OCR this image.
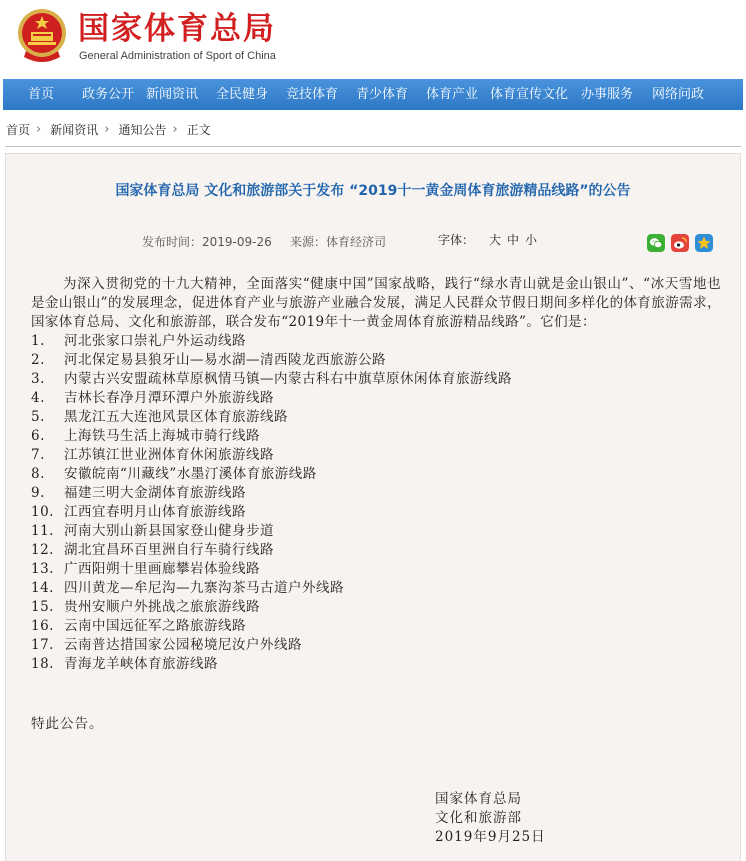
国家体育总局
General Administration of Sport of China
首页	政务公开 新闻资讯	全民健身	竞技体育	青少体育	体育产业 体育宣传文化 办事服务	网络问政
首页 › 新闻资讯 › 通知公告 › 正文
国家体育总局 文化和旅游部关于发布 “2019十一黄金周体育旅游精品线路”的公告
发布时间：2019-09-26 来源：体育经济司	字体： 大 中 小

为深入贯彻党的十九大精神，全面落实“健康中国”国家战略，践行“绿水青山就是金山银山”、“冰天雪地也是金山银山”的发展理念，促进体育产业与旅游产业融合发展，满足人民群众节假日期间多样化的体育旅游需求，国家体育总局、文化和旅游部，联合发布“2019年十一黄金周体育旅游精品线路”。它们是：

1. 河北张家口崇礼户外运动线路
2. 河北保定易县狼牙山—易水湖—清西陵龙西旅游公路
3. 内蒙古兴安盟疏林草原枫情马镇—内蒙古科右中旗草原休闲体育旅游线路
4. 吉林长春净月潭环潭户外旅游线路
5. 黑龙江五大连池风景区体育旅游线路
6. 上海铁马生活上海城市骑行线路
7. 江苏镇江世业洲体育休闲旅游线路
8. 安徽皖南“川藏线”水墨汀溪体育旅游线路
9. 福建三明大金湖体育旅游线路
10. 江西宜春明月山体育旅游线路
11. 河南大别山新县国家登山健身步道
12. 湖北宜昌环百里洲自行车骑行线路
13. 广西阳朔十里画廊攀岩体验线路
14. 四川黄龙—牟尼沟—九寨沟茶马古道户外线路
15. 贵州安顺户外挑战之旅旅游线路
16. 云南中国远征军之路旅游线路
17. 云南普达措国家公园秘境尼汝户外线路
18. 青海龙羊峡体育旅游线路
特此公告。
国家体育总局
文化和旅游部
2019年9月25日
